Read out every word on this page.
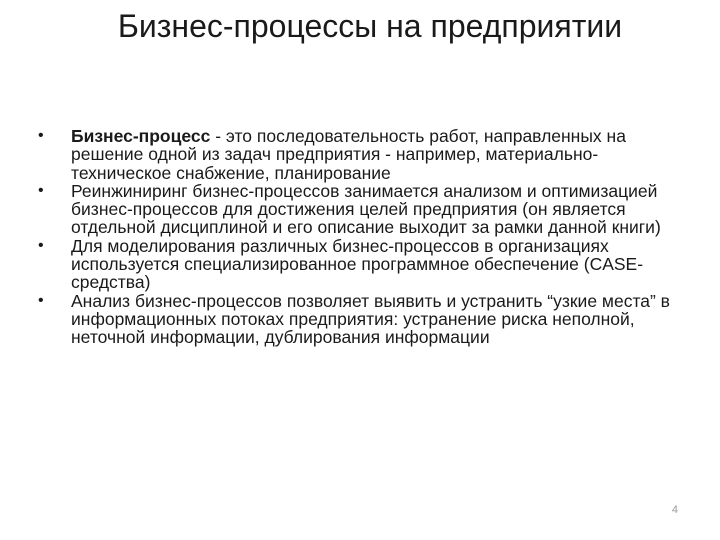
Бизнес-процессы на предприятии
• Бизнес-процесс - это последовательность работ, направленных на решение одной из задач предприятия - например, материально-техническое снабжение, планирование
• Реинжиниринг бизнес-процессов занимается анализом и оптимизацией бизнес-процессов для достижения целей предприятия (он является отдельной дисциплиной и его описание выходит за рамки данной книги)
• Для моделирования различных бизнес-процессов в организациях используется специализированное программное обеспечение (CASE-средства)
• Анализ бизнес-процессов позволяет выявить и устранить “узкие места” в информационных потоках предприятия: устранение риска неполной, неточной информации, дублирования информации
4
